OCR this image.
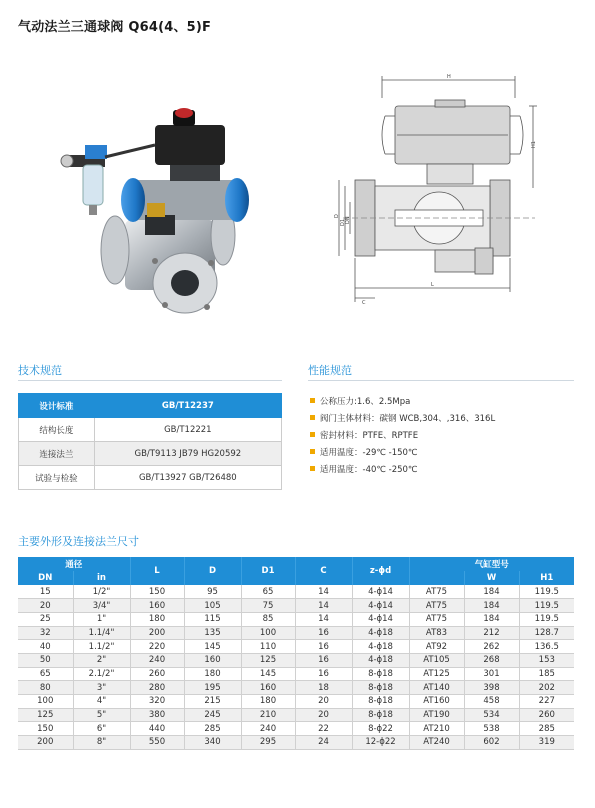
气动法兰三通球阀 Q64(4、5)F
H
H1
D
D1 DN
L
C
技术规范	性能规范
设计标准	GB/T12237
结构长度	GB/T12221
连接法兰	GB/T9113 JB79 HG20592
试验与检验	GB/T13927 GB/T26480
公称压力:1.6、2.5Mpa
阀门主体材料：碳钢 WCB,304、,316、316L
密封材料：PTFE、RPTFE
适用温度：-29℃ -150℃
适用温度：-40℃ -250℃
主要外形及连接法兰尺寸
通径		L	D	D1	C	z-ϕd	气缸型号		
DN	in							W	H1
15	1/2"	150	95	65	14	4-ϕ14	AT75	184	119.5
20	3/4"	160	105	75	14	4-ϕ14	AT75	184	119.5
25	1"	180	115	85	14	4-ϕ14	AT75	184	119.5
32	1.1/4"	200	135	100	16	4-ϕ18	AT83	212	128.7
40	1.1/2"	220	145	110	16	4-ϕ18	AT92	262	136.5
50	2"	240	160	125	16	4-ϕ18	AT105	268	153
65	2.1/2"	260	180	145	16	8-ϕ18	AT125	301	185
80	3"	280	195	160	18	8-ϕ18	AT140	398	202
100	4"	320	215	180	20	8-ϕ18	AT160	458	227
125	5"	380	245	210	20	8-ϕ18	AT190	534	260
150	6"	440	285	240	22	8-ϕ22	AT210	538	285
200	8"	550	340	295	24	12-ϕ22	AT240	602	319
